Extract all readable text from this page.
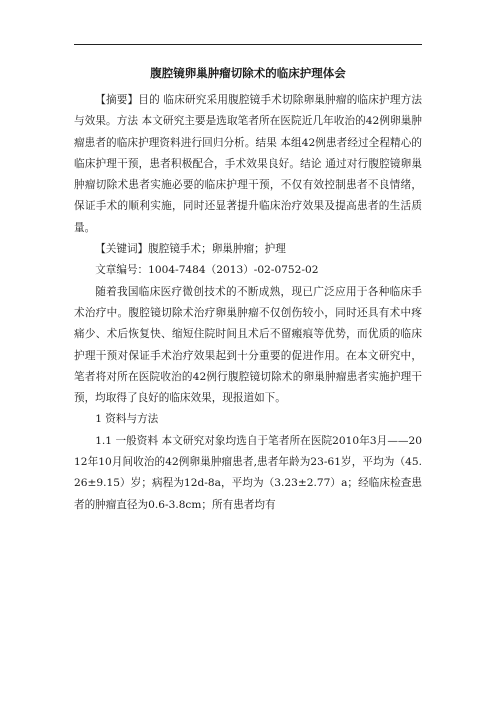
腹腔镜卵巢肿瘤切除术的临床护理体会

【摘要】目的 临床研究采用腹腔镜手术切除卵巢肿瘤的临床护理方法与效果。方法 本文研究主要是选取笔者所在医院近几年收治的42例卵巢肿瘤患者的临床护理资料进行回归分析。结果 本组42例患者经过全程精心的临床护理干预，患者积极配合，手术效果良好。结论 通过对行腹腔镜卵巢肿瘤切除术患者实施必要的临床护理干预，不仅有效控制患者不良情绪，保证手术的顺利实施，同时还显著提升临床治疗效果及提高患者的生活质量。

【关键词】腹腔镜手术；卵巢肿瘤；护理

文章编号：1004-7484（2013）-02-0752-02

随着我国临床医疗微创技术的不断成熟，现已广泛应用于各种临床手术治疗中。腹腔镜切除术治疗卵巢肿瘤不仅创伤较小，同时还具有术中疼痛少、术后恢复快、缩短住院时间且术后不留瘢痕等优势，而优质的临床护理干预对保证手术治疗效果起到十分重要的促进作用。在本文研究中，笔者将对所在医院收治的42例行腹腔镜切除术的卵巢肿瘤患者实施护理干预，均取得了良好的临床效果，现报道如下。

1 资料与方法

1.1 一般资料 本文研究对象均选自于笔者所在医院2010年3月——2012年10月间收治的42例卵巢肿瘤患者,患者年龄为23-61岁，平均为（45.26±9.15）岁；病程为12d-8a，平均为（3.23±2.77）a；经临床检查患者的肿瘤直径为0.6-3.8cm；所有患者均有
